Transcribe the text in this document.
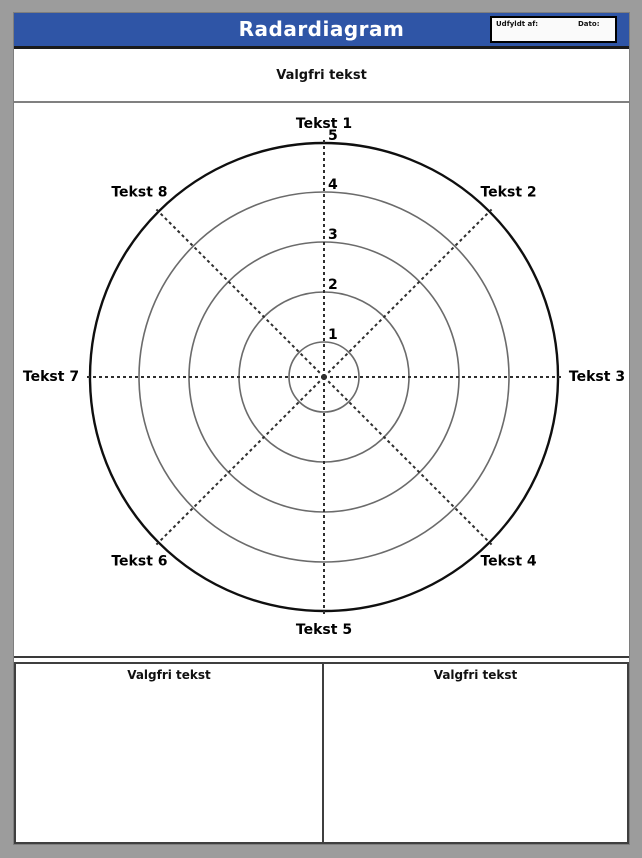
Radardiagram	Udfyldt af:	Dato:
Valgfri tekst
Tekst 1
Tekst 2
Tekst 3
Tekst 4
Tekst 5
Tekst 6
Tekst 7
Tekst 8
1
2
3
4
5
Valgfri tekst	Valgfri tekst
